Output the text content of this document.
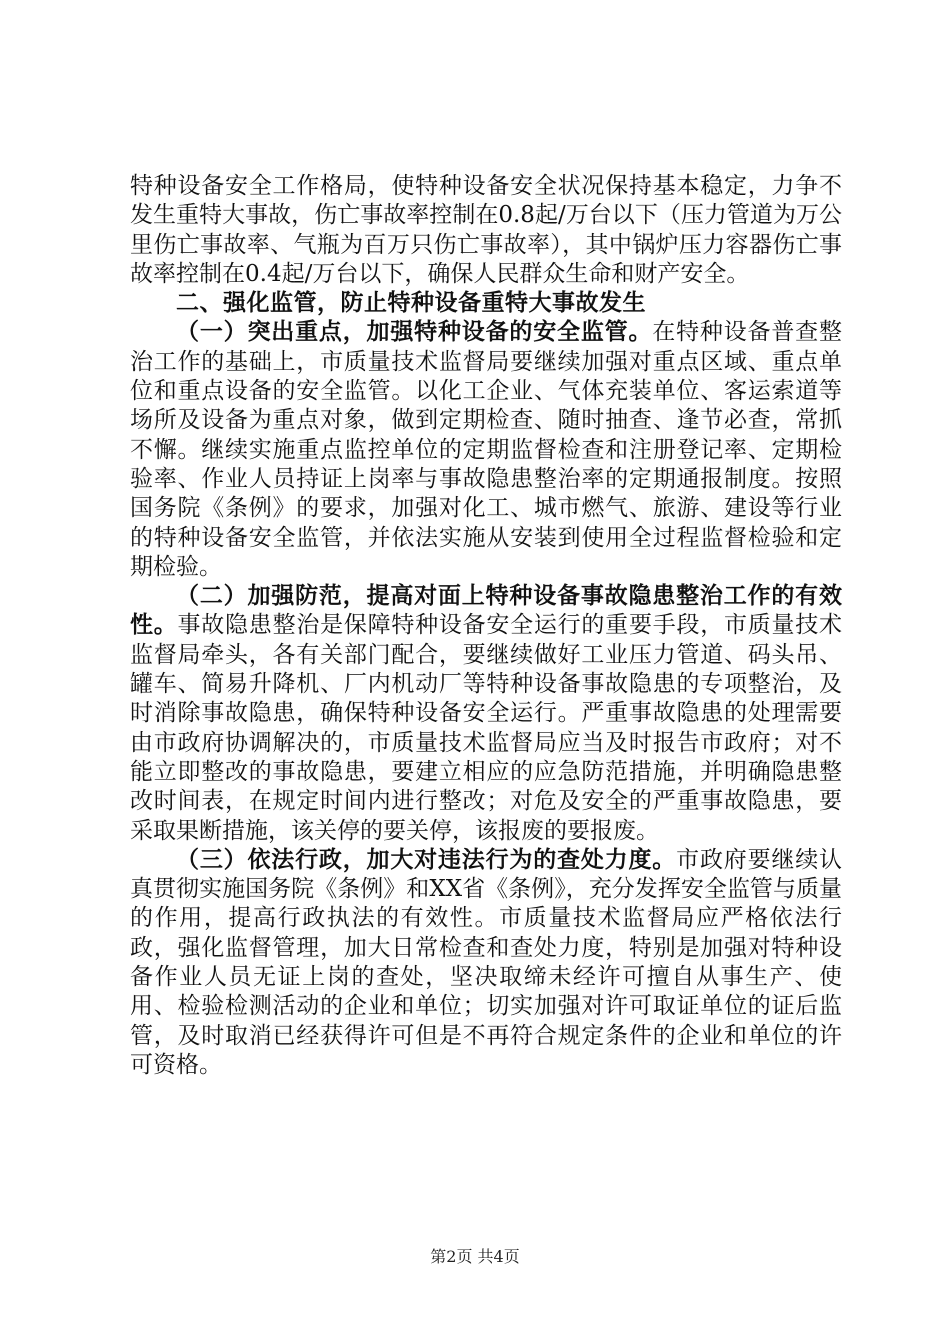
特种设备安全工作格局，使特种设备安全状况保持基本稳定，力争不发生重特大事故，伤亡事故率控制在0.8起/万台以下（压力管道为万公里伤亡事故率、气瓶为百万只伤亡事故率），其中锅炉压力容器伤亡事故率控制在0.4起/万台以下，确保人民群众生命和财产安全。

二、强化监管，防止特种设备重特大事故发生

（一）突出重点，加强特种设备的安全监管。在特种设备普查整治工作的基础上，市质量技术监督局要继续加强对重点区域、重点单位和重点设备的安全监管。以化工企业、气体充装单位、客运索道等场所及设备为重点对象，做到定期检查、随时抽查、逢节必查，常抓不懈。继续实施重点监控单位的定期监督检查和注册登记率、定期检验率、作业人员持证上岗率与事故隐患整治率的定期通报制度。按照国务院《条例》的要求，加强对化工、城市燃气、旅游、建设等行业的特种设备安全监管，并依法实施从安装到使用全过程监督检验和定期检验。

（二）加强防范，提高对面上特种设备事故隐患整治工作的有效性。事故隐患整治是保障特种设备安全运行的重要手段，市质量技术监督局牵头，各有关部门配合，要继续做好工业压力管道、码头吊、罐车、简易升降机、厂内机动厂等特种设备事故隐患的专项整治，及时消除事故隐患，确保特种设备安全运行。严重事故隐患的处理需要由市政府协调解决的，市质量技术监督局应当及时报告市政府；对不能立即整改的事故隐患，要建立相应的应急防范措施，并明确隐患整改时间表，在规定时间内进行整改；对危及安全的严重事故隐患，要采取果断措施，该关停的要关停，该报废的要报废。

（三）依法行政，加大对违法行为的查处力度。市政府要继续认真贯彻实施国务院《条例》和XX省《条例》，充分发挥安全监管与质量的作用，提高行政执法的有效性。市质量技术监督局应严格依法行政，强化监督管理，加大日常检查和查处力度，特别是加强对特种设备作业人员无证上岗的查处，坚决取缔未经许可擅自从事生产、使用、检验检测活动的企业和单位；切实加强对许可取证单位的证后监管，及时取消已经获得许可但是不再符合规定条件的企业和单位的许可资格。

第2页 共4页
